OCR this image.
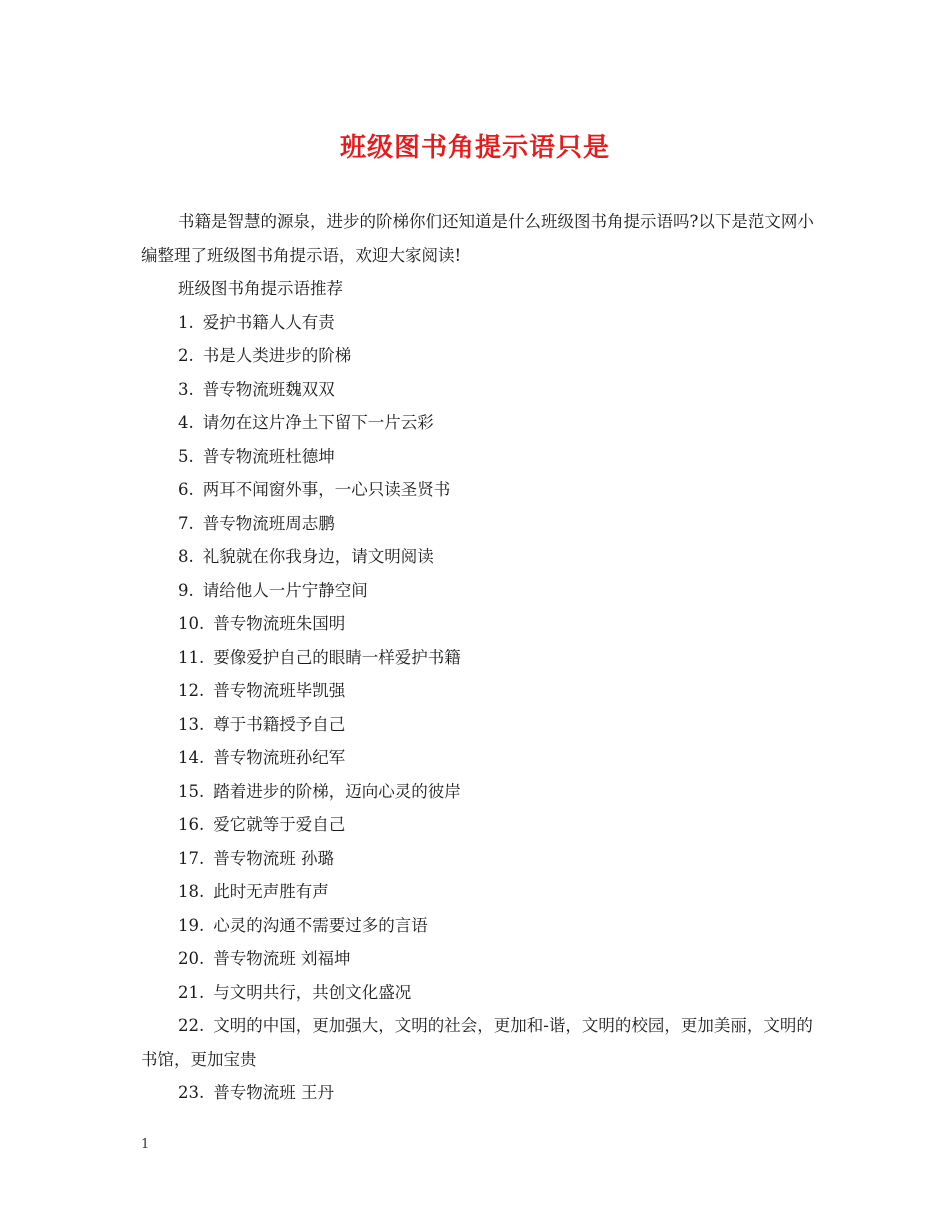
班级图书角提示语只是

书籍是智慧的源泉，进步的阶梯你们还知道是什么班级图书角提示语吗?以下是范文网小编整理了班级图书角提示语，欢迎大家阅读!

班级图书角提示语推荐

1. 爱护书籍人人有责

2. 书是人类进步的阶梯

3. 普专物流班魏双双

4. 请勿在这片净土下留下一片云彩

5. 普专物流班杜德坤

6. 两耳不闻窗外事，一心只读圣贤书

7. 普专物流班周志鹏

8. 礼貌就在你我身边，请文明阅读

9. 请给他人一片宁静空间

10. 普专物流班朱国明

11. 要像爱护自己的眼睛一样爱护书籍

12. 普专物流班毕凯强

13. 尊于书籍授予自己

14. 普专物流班孙纪军

15. 踏着进步的阶梯，迈向心灵的彼岸

16. 爱它就等于爱自己

17. 普专物流班 孙璐

18. 此时无声胜有声

19. 心灵的沟通不需要过多的言语

20. 普专物流班 刘福坤

21. 与文明共行，共创文化盛况

22. 文明的中国，更加强大，文明的社会，更加和-谐，文明的校园，更加美丽，文明的书馆，更加宝贵

23. 普专物流班 王丹

1
